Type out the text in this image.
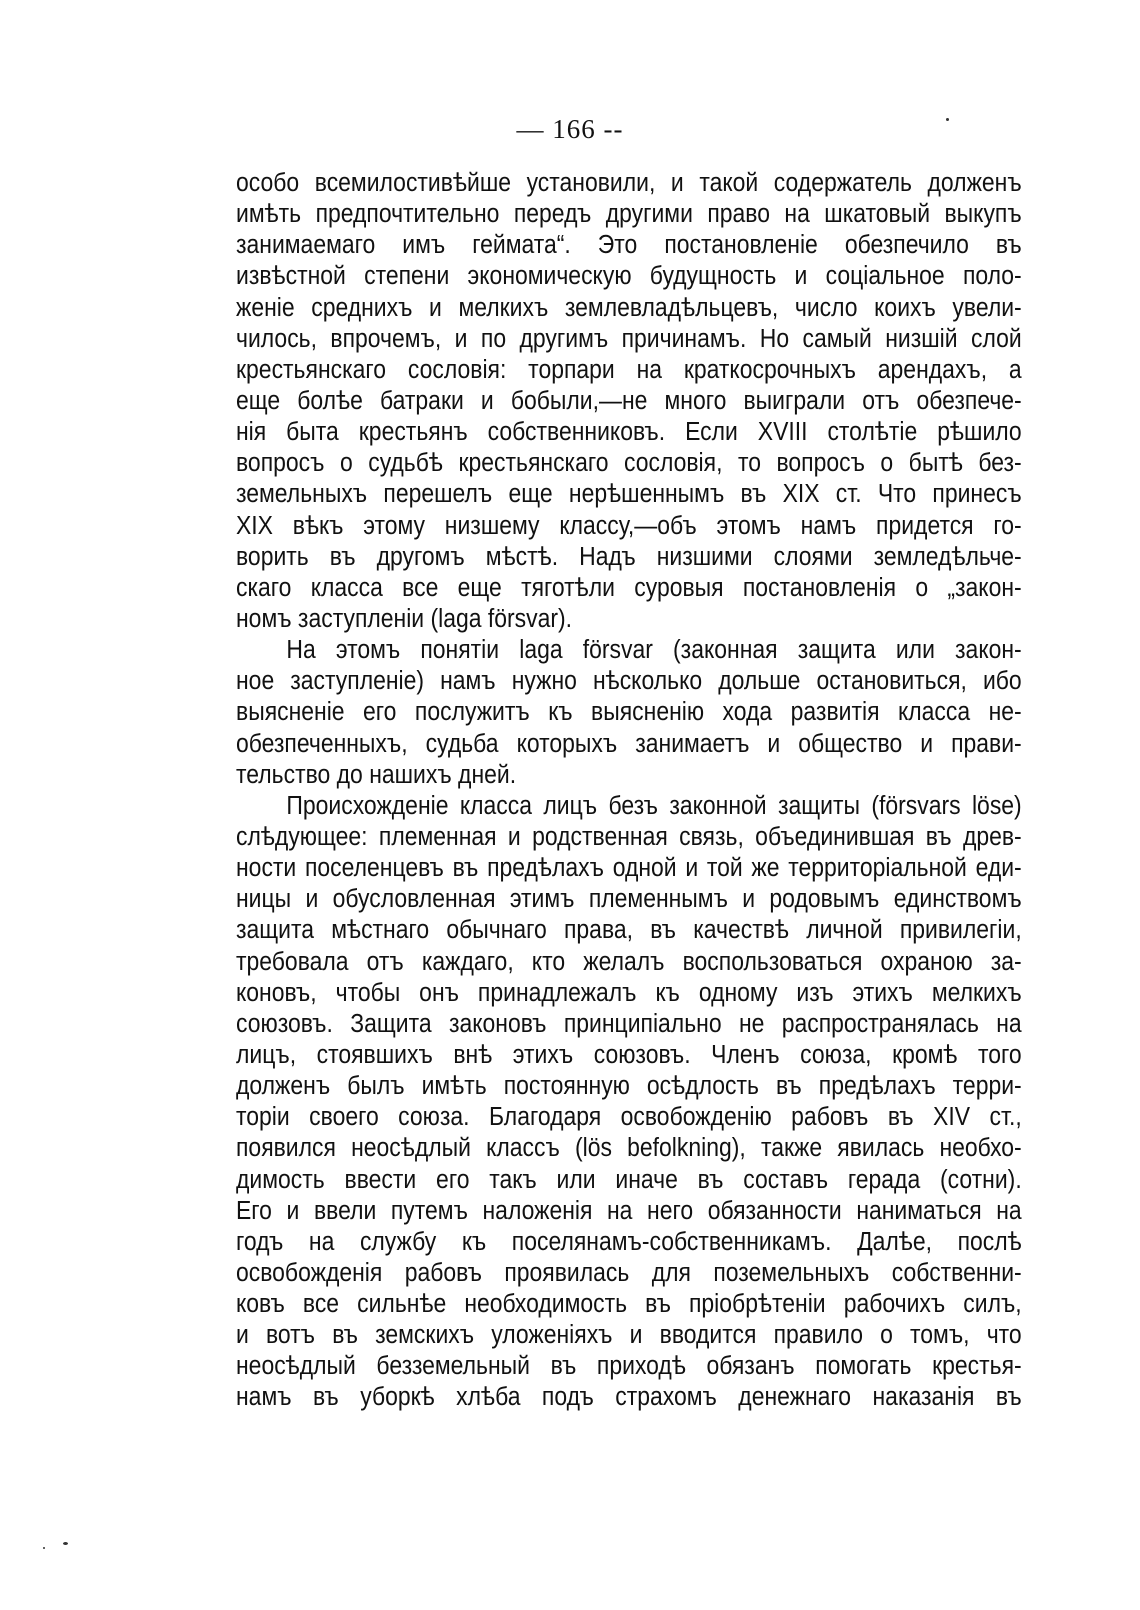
— 166 --
особо всемилостивѣйше установили, и такой содержатель долженъ
имѣть предпочтительно передъ другими право на шкатовый выкупъ
занимаемаго имъ геймата“. Это постановленіе обезпечило въ
извѣстной степени экономическую будущность и соціальное поло-
женіе среднихъ и мелкихъ землевладѣльцевъ, число коихъ увели-
чилось, впрочемъ, и по другимъ причинамъ. Но самый низшій слой
крестьянскаго сословія: торпари на краткосрочныхъ арендахъ, а
еще болѣе батраки и бобыли,—не много выиграли отъ обезпече-
нія быта крестьянъ собственниковъ. Если XVIII столѣтіе рѣшило
вопросъ о судьбѣ крестьянскаго сословія, то вопросъ о бытѣ без-
земельныхъ перешелъ еще нерѣшеннымъ въ XIX ст. Что принесъ
XIX вѣкъ этому низшему классу,—объ этомъ намъ придется го-
ворить въ другомъ мѣстѣ. Надъ низшими слоями земледѣльче-
скаго класса все еще тяготѣли суровыя постановленія о „закон-
номъ заступленіи (laga försvar).
На этомъ понятіи laga försvar (законная защита или закон-
ное заступленіе) намъ нужно нѣсколько дольше остановиться, ибо
выясненіе его послужитъ къ выясненію хода развитія класса не-
обезпеченныхъ, судьба которыхъ занимаетъ и общество и прави-
тельство до нашихъ дней.
Происхожденіе класса лицъ безъ законной защиты (försvars löse)
слѣдующее: племенная и родственная связь, объединившая въ древ-
ности поселенцевъ въ предѣлахъ одной и той же территоріальной еди-
ницы и обусловленная этимъ племеннымъ и родовымъ единствомъ
защита мѣстнаго обычнаго права, въ качествѣ личной привилегіи,
требовала отъ каждаго, кто желалъ воспользоваться охраною за-
коновъ, чтобы онъ принадлежалъ къ одному изъ этихъ мелкихъ
союзовъ. Защита законовъ принципіально не распространялась на
лицъ, стоявшихъ внѣ этихъ союзовъ. Членъ союза, кромѣ того
долженъ былъ имѣть постоянную осѣдлость въ предѣлахъ терри-
торіи своего союза. Благодаря освобожденію рабовъ въ XIV ст.,
появился неосѣдлый классъ (lös befolkning), также явилась необхо-
димость ввести его такъ или иначе въ составъ герада (сотни).
Его и ввели путемъ наложенія на него обязанности наниматься на
годъ на службу къ поселянамъ-собственникамъ. Далѣе, послѣ
освобожденія рабовъ проявилась для поземельныхъ собственни-
ковъ все сильнѣе необходимость въ пріобрѣтеніи рабочихъ силъ,
и вотъ въ земскихъ уложеніяхъ и вводится правило о томъ, что
неосѣдлый безземельный въ приходѣ обязанъ помогать крестья-
намъ въ уборкѣ хлѣба подъ страхомъ денежнаго наказанія въ
